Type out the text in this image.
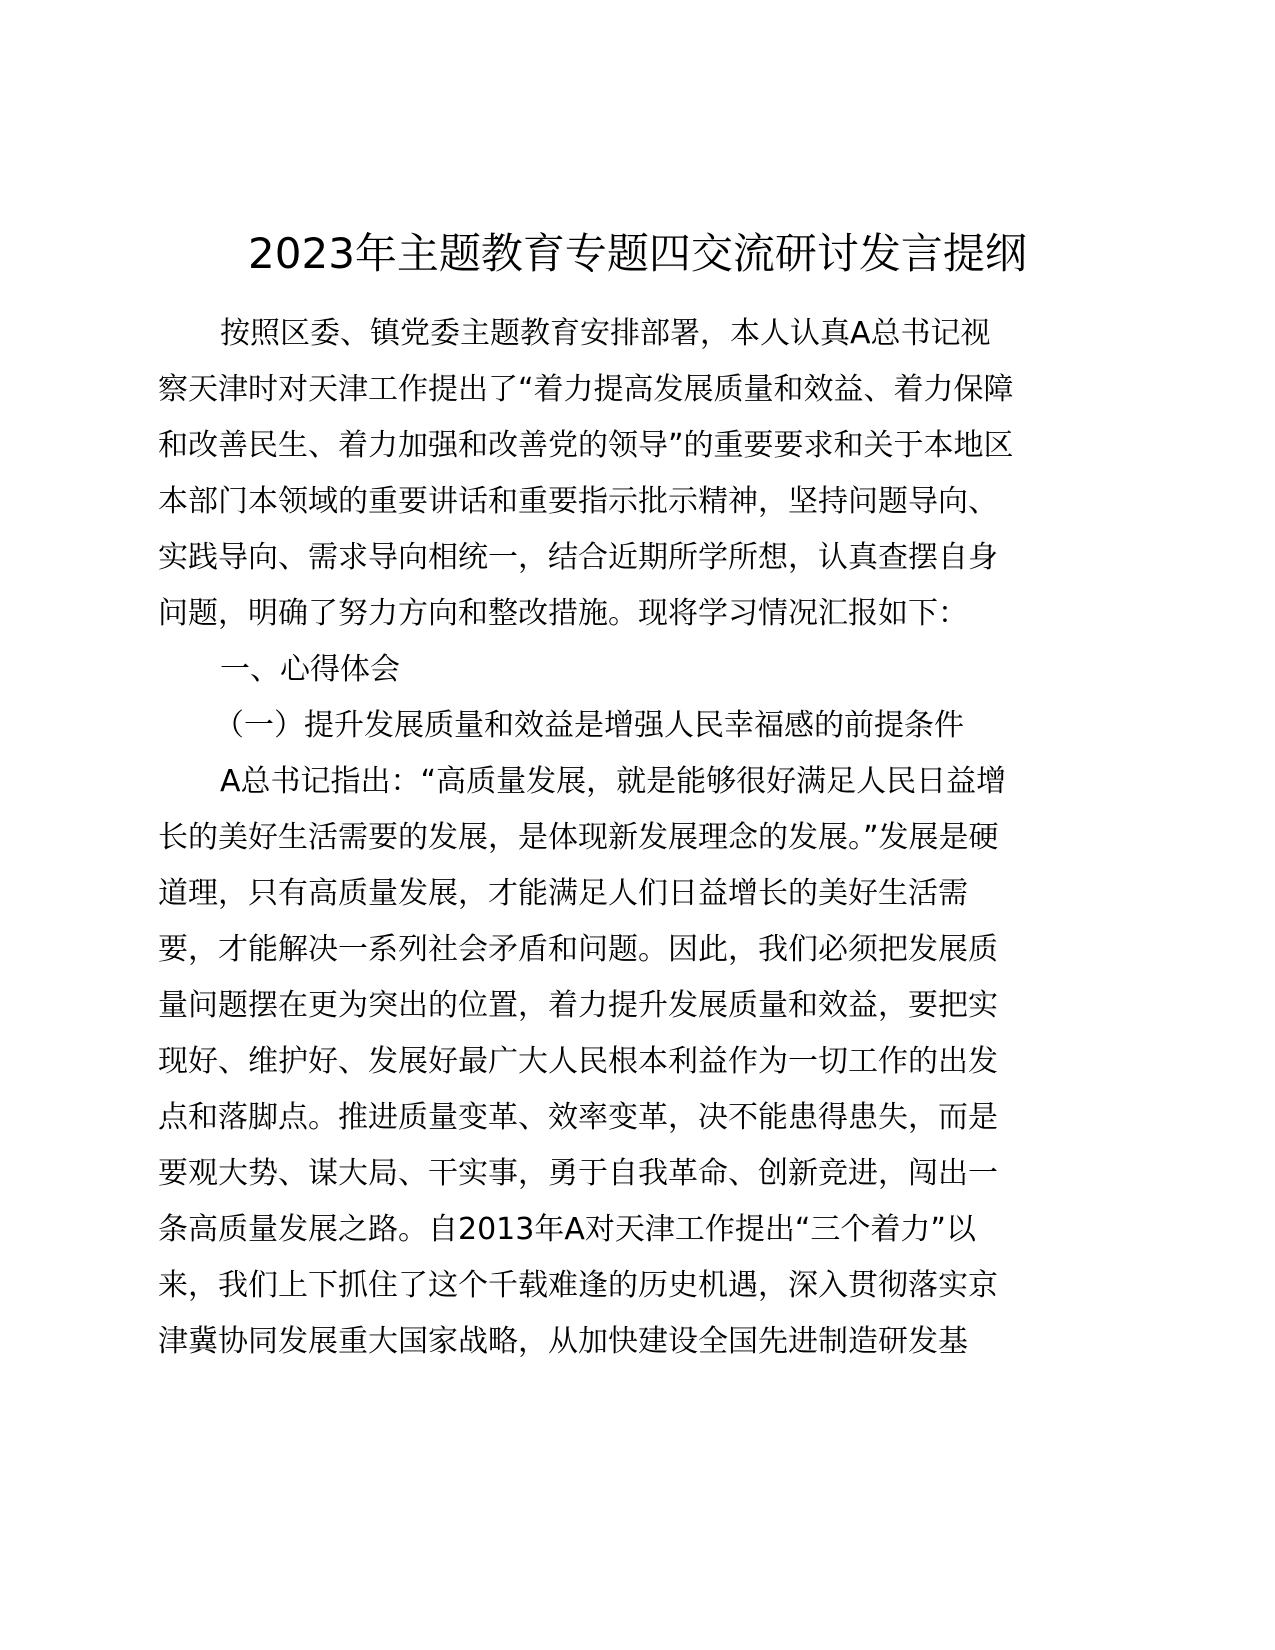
2023年主题教育专题四交流研讨发言提纲
按照区委、镇党委主题教育安排部署，本人认真A总书记视
察天津时对天津工作提出了“着力提高发展质量和效益、着力保障
和改善民生、着力加强和改善党的领导”的重要要求和关于本地区
本部门本领域的重要讲话和重要指示批示精神，坚持问题导向、
实践导向、需求导向相统一，结合近期所学所想，认真查摆自身
问题，明确了努力方向和整改措施。现将学习情况汇报如下：
一、心得体会
（一）提升发展质量和效益是增强人民幸福感的前提条件
A总书记指出：“高质量发展，就是能够很好满足人民日益增
长的美好生活需要的发展，是体现新发展理念的发展。”发展是硬
道理，只有高质量发展，才能满足人们日益增长的美好生活需
要，才能解决一系列社会矛盾和问题。因此，我们必须把发展质
量问题摆在更为突出的位置，着力提升发展质量和效益，要把实
现好、维护好、发展好最广大人民根本利益作为一切工作的出发
点和落脚点。推进质量变革、效率变革，决不能患得患失，而是
要观大势、谋大局、干实事，勇于自我革命、创新竞进，闯出一
条高质量发展之路。自2013年A对天津工作提出“三个着力”以
来，我们上下抓住了这个千载难逢的历史机遇，深入贯彻落实京
津冀协同发展重大国家战略，从加快建设全国先进制造研发基
